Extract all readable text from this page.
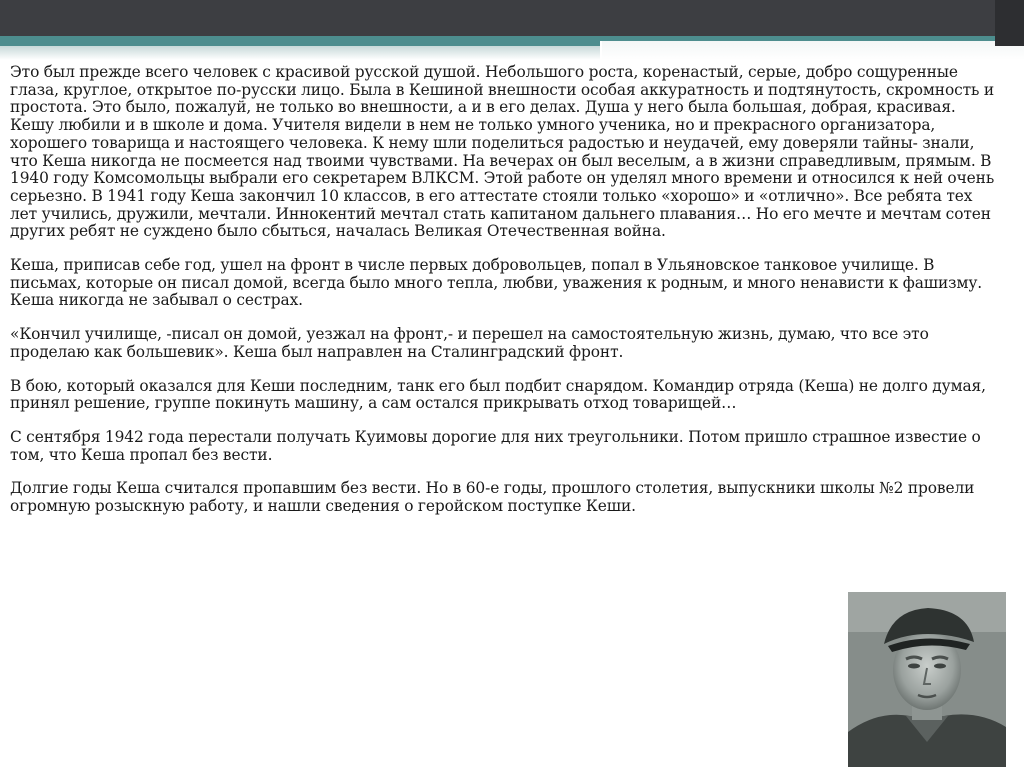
Это был прежде всего человек с красивой русской душой. Небольшого роста, коренастый, серые, добро сощуренные глаза, круглое, открытое по-русски лицо. Была в Кешиной внешности особая аккуратность и подтянутость, скромность и простота. Это было, пожалуй, не только во внешности, а и в его делах. Душа у него была большая, добрая, красивая. Кешу любили и в школе и дома. Учителя видели в нем не только умного ученика, но и прекрасного организатора, хорошего товарища и настоящего человека. К нему шли поделиться радостью и неудачей, ему доверяли тайны- знали, что Кеша никогда не посмеется над твоими чувствами. На вечерах он был веселым, а в жизни справедливым, прямым. В 1940 году Комсомольцы выбрали его секретарем ВЛКСМ. Этой работе он уделял много времени и относился к ней очень серьезно. В 1941 году Кеша закончил 10 классов, в его аттестате стояли только «хорошо» и «отлично». Все ребята тех лет учились, дружили, мечтали. Иннокентий мечтал стать капитаном дальнего плавания… Но его мечте и мечтам сотен других ребят не суждено было сбыться, началась Великая Отечественная война.

Кеша, приписав себе год, ушел на фронт в числе первых добровольцев, попал в Ульяновское танковое училище. В письмах, которые он писал домой, всегда было много тепла, любви, уважения к родным, и много ненависти к фашизму. Кеша никогда не забывал о сестрах.

«Кончил училище, -писал он домой, уезжал на фронт,- и перешел на самостоятельную жизнь, думаю, что все это проделаю как большевик». Кеша был направлен на Сталинградский фронт.

В бою, который оказался для Кеши последним, танк его был подбит снарядом. Командир отряда (Кеша) не долго думая, принял решение, группе покинуть машину, а сам остался прикрывать отход товарищей…

С сентября 1942 года перестали получать Куимовы дорогие для них треугольники. Потом пришло страшное известие о том, что Кеша пропал без вести.

Долгие годы Кеша считался пропавшим без вести. Но в 60-е годы, прошлого столетия, выпускники школы №2 провели огромную розыскную работу, и нашли сведения о геройском поступке Кеши.
